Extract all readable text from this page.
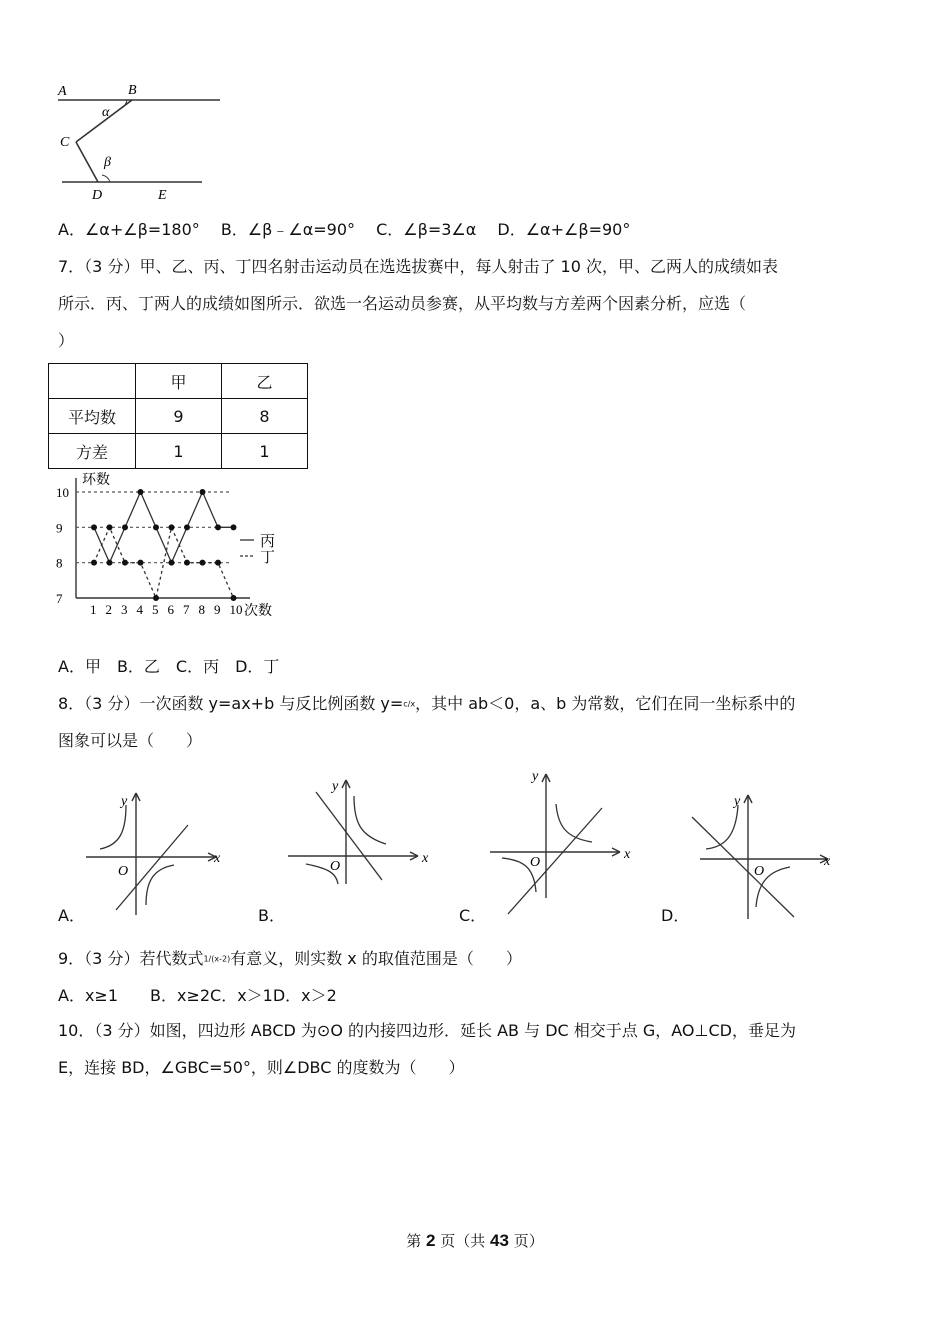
A	B
α
C
β
D	E
A．∠α+∠β=180°　 B．∠β﹣∠α=90°　 C．∠β=3∠α　 D．∠α+∠β=90°
7．（3 分）甲、乙、丙、丁四名射击运动员在选选拔赛中，每人射击了 10 次，甲、乙两人的成绩如表
所示．丙、丁两人的成绩如图所示．欲选一名运动员参赛，从平均数与方差两个因素分析，应选（
）
	甲	乙
平均数	9	8
方差	1	1
10
9
8
7
1 2 3 4 5 6 7 8 9 10
环数
次数
丙
丁
A．甲　B．乙　C．丙　D．丁
8．（3 分）一次函数 y=ax+b 与反比例函数 y=c/x，其中 ab＜0，a、b 为常数，它们在同一坐标系中的
图象可以是（　　）
y
x
O
y
x
O
y
x
O
y
x
O
A．	B．	C．	D．
9．（3 分）若代数式1/(x-2)有意义，则实数 x 的取值范围是（　　）
A．x≥1　　B．x≥2C．x＞1D．x＞2
10．（3 分）如图，四边形 ABCD 为⊙O 的内接四边形．延长 AB 与 DC 相交于点 G，AO⊥CD，垂足为
E，连接 BD，∠GBC=50°，则∠DBC 的度数为（　　）
第 2 页（共 43 页）
